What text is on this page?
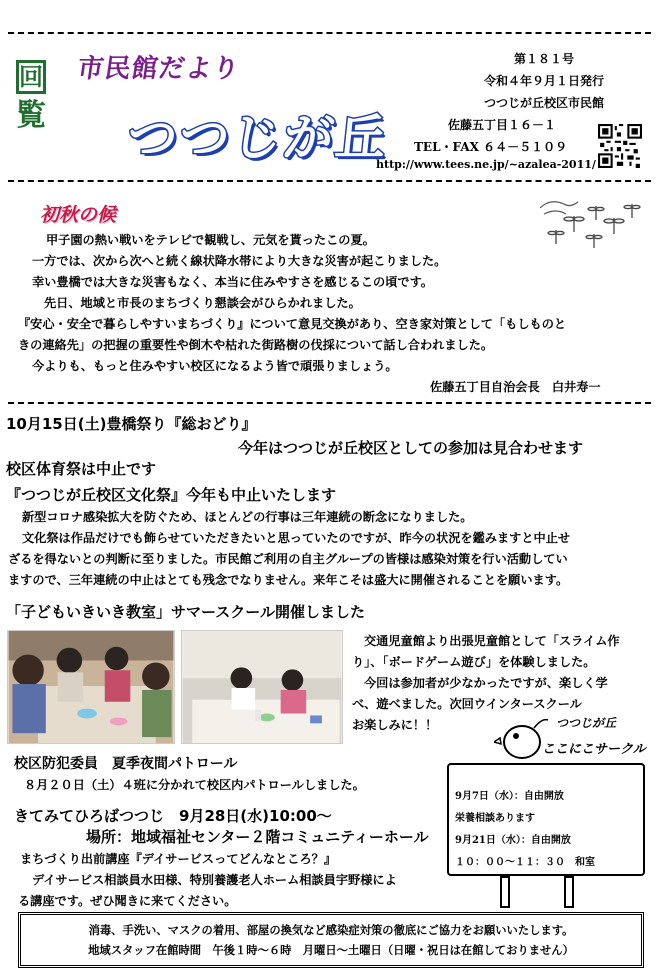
回
覧
市民館だより
つつじが丘
第１８１号
令和４年９月１日発行
つつじが丘校区市民館
佐藤五丁目１６－１
TEL・FAX ６４－５１０９
http://www.tees.ne.jp/~azalea-2011/
初秋の候
甲子園の熱い戦いをテレビで観戦し、元気を貰ったこの夏。
一方では、次から次へと続く線状降水帯により大きな災害が起こりました。
幸い豊橋では大きな災害もなく、本当に住みやすさを感じるこの頃です。
先日、地域と市長のまちづくり懇談会がひらかれました。
『安心・安全で暮らしやすいまちづくり』について意見交換があり、空き家対策として「もしものと
きの連絡先」の把握の重要性や倒木や枯れた街路樹の伐採について話し合われました。
今よりも、もっと住みやすい校区になるよう皆で頑張りましょう。
佐藤五丁目自治会長　白井寿一
10月15日(土)豊橋祭り『総おどり』
今年はつつじが丘校区としての参加は見合わせます
校区体育祭は中止です
『つつじが丘校区文化祭』今年も中止いたします
新型コロナ感染拡大を防ぐため、ほとんどの行事は三年連続の断念になりました。
文化祭は作品だけでも飾らせていただきたいと思っていたのですが、昨今の状況を鑑みますと中止せ
ざるを得ないとの判断に至りました。市民館ご利用の自主グループの皆様は感染対策を行い活動してい
ますので、三年連続の中止はとても残念でなりません。来年こそは盛大に開催されることを願います。
「子どもいきいき教室」サマースクール開催しました
交通児童館より出張児童館として「スライム作
り」、「ボードゲーム遊び」を体験しました。
今回は参加者が少なかったですが、楽しく学
べ、遊べました。次回ウインタースクール
お楽しみに！！	つつじが丘
ここにこサークル
校区防犯委員　夏季夜間パトロール
８月２０日（土）４班に分かれて校区内パトロールしました。
きてみてひろばつつじ　9月28日(水)10:00～
場所：地域福祉センター２階コミュニティーホール
まちづくり出前講座『デイサービスってどんなところ？』
デイサービス相談員水田様、特別養護老人ホーム相談員宇野様によ
る講座です。ぜひ聞きに来てください。
9月7日（水）：自由開放
栄養相談あります
9月21日（水）：自由開放
１０：００～１１：３０　和室
消毒、手洗い、マスクの着用、部屋の換気など感染症対策の徹底にご協力をお願いいたします。
地域スタッフ在館時間　午後１時～６時　月曜日～土曜日（日曜・祝日は在館しておりません）
